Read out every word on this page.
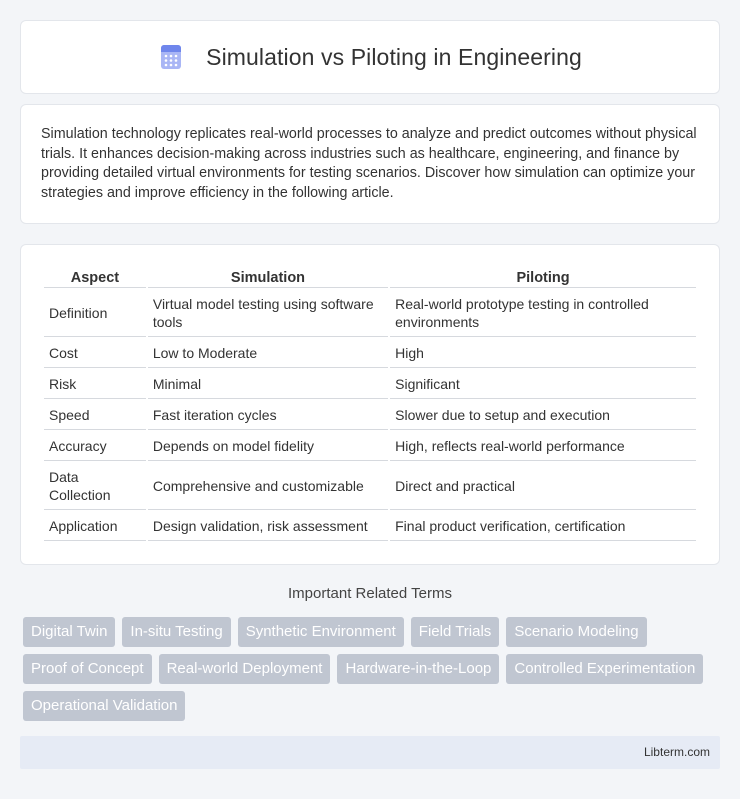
Simulation vs Piloting in Engineering

Simulation technology replicates real-world processes to analyze and predict outcomes without physical trials. It enhances decision-making across industries such as healthcare, engineering, and finance by providing detailed virtual environments for testing scenarios. Discover how simulation can optimize your strategies and improve efficiency in the following article.

Aspect	Simulation	Piloting
Definition	Virtual model testing using software tools	Real-world prototype testing in controlled environments
Cost	Low to Moderate	High
Risk	Minimal	Significant
Speed	Fast iteration cycles	Slower due to setup and execution
Accuracy	Depends on model fidelity	High, reflects real-world performance
Data Collection	Comprehensive and customizable	Direct and practical
Application	Design validation, risk assessment	Final product verification, certification
Important Related Terms
Digital Twin	In-situ Testing	Synthetic Environment	Field Trials	Scenario Modeling
Proof of Concept	Real-world Deployment	Hardware-in-the-Loop	Controlled Experimentation
Operational Validation
Libterm.com
